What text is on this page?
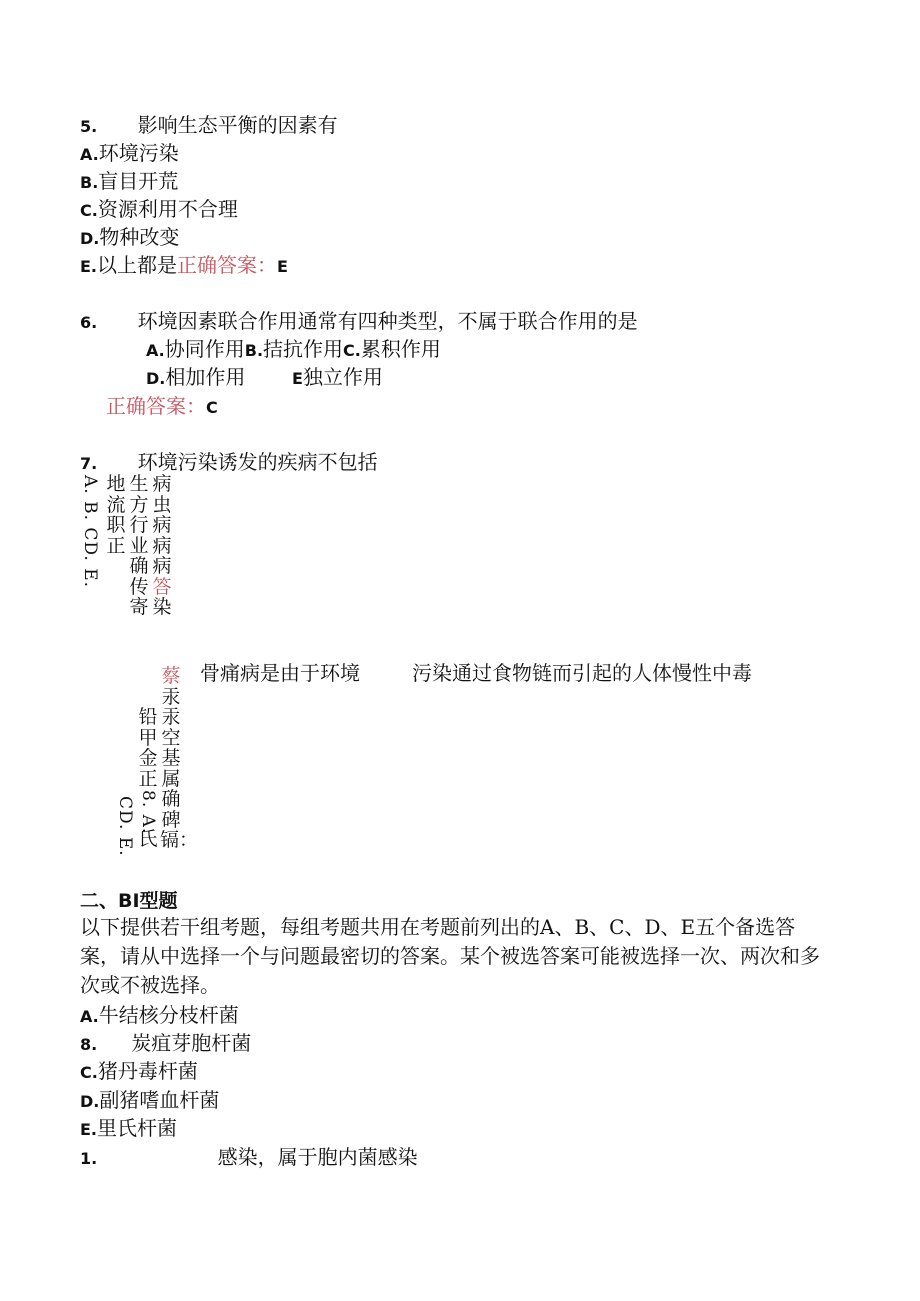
5. 影响生态平衡的因素有
A.环境污染
B.盲目开荒
C.资源利用不合理
D.物种改变
E.以上都是正确答案：E
6. 环境因素联合作用通常有四种类型，不属于联合作用的是
A.协同作用B.拮抗作用C.累积作用
D.相加作用	E独立作用
正确答案：C
7. 环境污染诱发的疾病不包括
A. B. CD. E. 地流职正
生方行业确传寄
病虫病病病答染
骨痛病是由于环境	污染通过食物链而引起的人体慢性中毒
蔡汞汞空基属确碑镉：
铅甲金正
8. A.
氏
CD. E.
二、BI型题
以下提供若干组考题，每组考题共用在考题前列出的A、B、C、D、E五个备选答案，请从中选择一个与问题最密切的答案。某个被选答案可能被选择一次、两次和多次或不被选择。
A.牛结核分枝杆菌
8. 炭疽芽胞杆菌
C.猪丹毒杆菌
D.副猪嗜血杆菌
E.里氏杆菌
1.	感染，属于胞内菌感染
